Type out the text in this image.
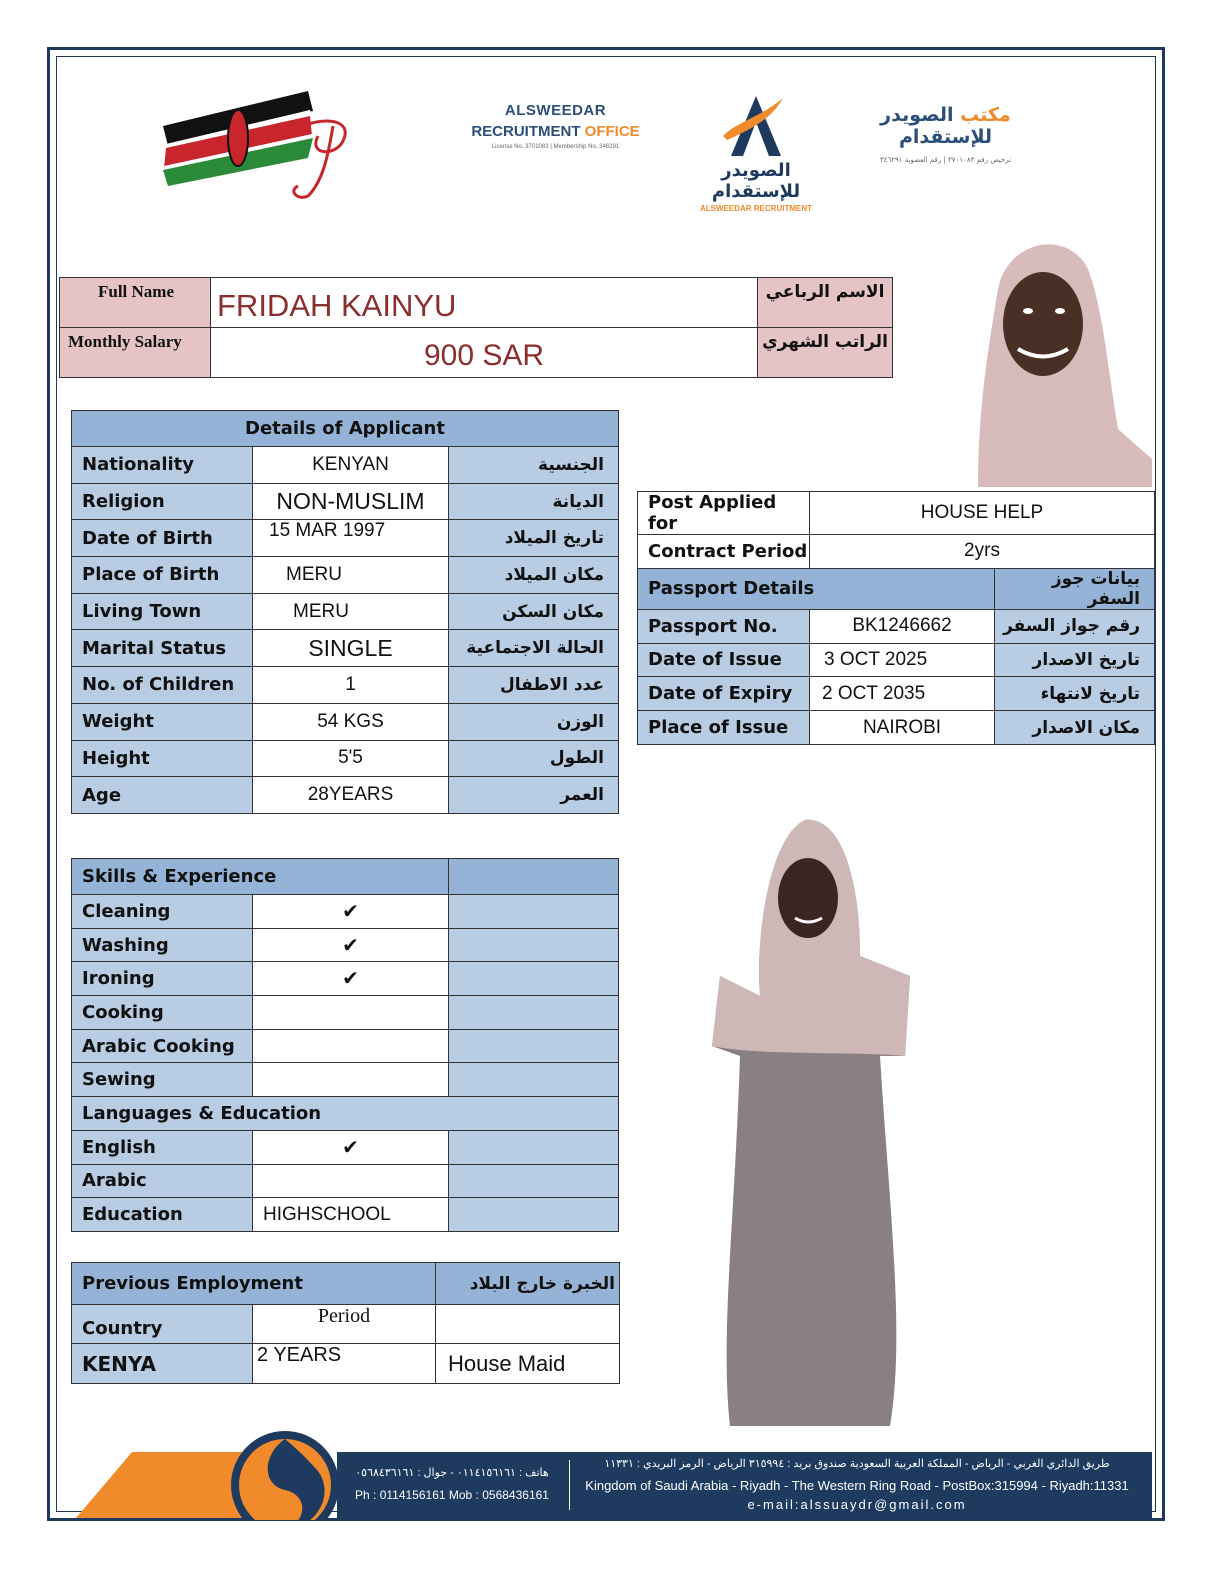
ALSWEEDAR
RECRUITMENT OFFICE
License No. 3701083 | Membership No. 346291
الصويدر للإستقدام
ALSWEEDAR RECRUITMENT
مكتب الصويدر للإستقدام
ترخيص رقم ٣٧٠١٠٨٣ | رقم العضوية ٣٤٦٢٩١
Full Name	FRIDAH KAINYU	الاسم الرباعي
Monthly Salary	900 SAR	الراتب الشهري
Details of Applicant		
Nationality	KENYAN	الجنسية
Religion	NON-MUSLIM	الديانة
Date of Birth	15 MAR 1997	تاريخ الميلاد
Place of Birth	MERU	مكان الميلاد
Living Town	MERU	مكان السكن
Marital Status	SINGLE	الحالة الاجتماعية
No. of Children	1	عدد الاطفال
Weight	54 KGS	الوزن
Height	5'5	الطول
Age	28YEARS	العمر
Post Applied for	HOUSE HELP	
Contract Period	2yrs	
Passport Details		بيانات جوز السفر
Passport No.	BK1246662	رقم جواز السفر
Date of Issue	3 OCT 2025	تاريخ الاصدار
Date of Expiry	2 OCT 2035	تاريخ لانتهاء
Place of Issue	NAIROBI	مكان الاصدار
Skills & Experience		
Cleaning	✔	
Washing	✔	
Ironing	✔	
Cooking		
Arabic Cooking		
Sewing		
Languages & Education		
English	✔	
Arabic		
Education	HIGHSCHOOL	
Previous Employment		الخبرة خارج البلاد
Country	Period	
KENYA	2 YEARS	House Maid
هاتف : ٠١١٤١٥٦١٦١ - جوال : ٠٥٦٨٤٣٦١٦١
Ph : 0114156161 Mob : 0568436161
طريق الدائري الغربي - الرياض - المملكة العربية السعودية صندوق بريد : ٣١٥٩٩٤ الرياض - الرمز البريدي : ١١٣٣١
Kingdom of Saudi Arabia - Riyadh - The Western Ring Road - PostBox:315994 - Riyadh:11331
e-mail:alssuaydr@gmail.com
